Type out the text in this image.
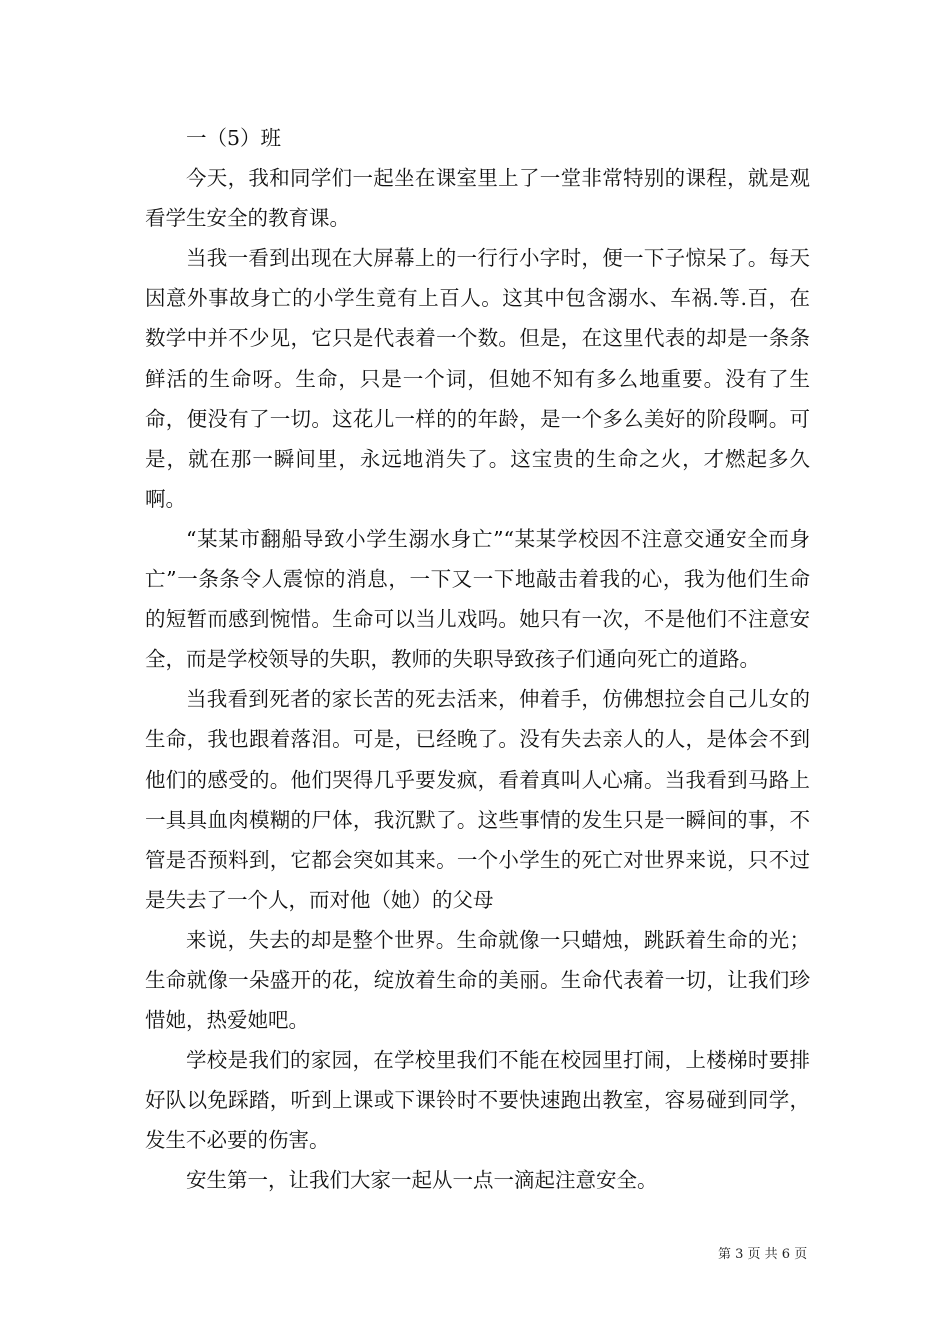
一（5）班

今天，我和同学们一起坐在课室里上了一堂非常特别的课程，就是观看学生安全的教育课。

当我一看到出现在大屏幕上的一行行小字时，便一下子惊呆了。每天因意外事故身亡的小学生竟有上百人。这其中包含溺水、车祸.等.百，在数学中并不少见，它只是代表着一个数。但是，在这里代表的却是一条条鲜活的生命呀。生命，只是一个词，但她不知有多么地重要。没有了生命，便没有了一切。这花儿一样的的年龄，是一个多么美好的阶段啊。可是，就在那一瞬间里，永远地消失了。这宝贵的生命之火，才燃起多久啊。

“某某市翻船导致小学生溺水身亡”“某某学校因不注意交通安全而身亡”一条条令人震惊的消息，一下又一下地敲击着我的心，我为他们生命的短暂而感到惋惜。生命可以当儿戏吗。她只有一次，不是他们不注意安全，而是学校领导的失职，教师的失职导致孩子们通向死亡的道路。

当我看到死者的家长苦的死去活来，伸着手，仿佛想拉会自己儿女的生命，我也跟着落泪。可是，已经晚了。没有失去亲人的人，是体会不到他们的感受的。他们哭得几乎要发疯，看着真叫人心痛。当我看到马路上一具具血肉模糊的尸体，我沉默了。这些事情的发生只是一瞬间的事，不管是否预料到，它都会突如其来。一个小学生的死亡对世界来说，只不过是失去了一个人，而对他（她）的父母

来说，失去的却是整个世界。生命就像一只蜡烛，跳跃着生命的光；生命就像一朵盛开的花，绽放着生命的美丽。生命代表着一切，让我们珍惜她，热爱她吧。

学校是我们的家园，在学校里我们不能在校园里打闹，上楼梯时要排好队以免踩踏，听到上课或下课铃时不要快速跑出教室，容易碰到同学，发生不必要的伤害。

安生第一，让我们大家一起从一点一滴起注意安全。

第 3 页 共 6 页
